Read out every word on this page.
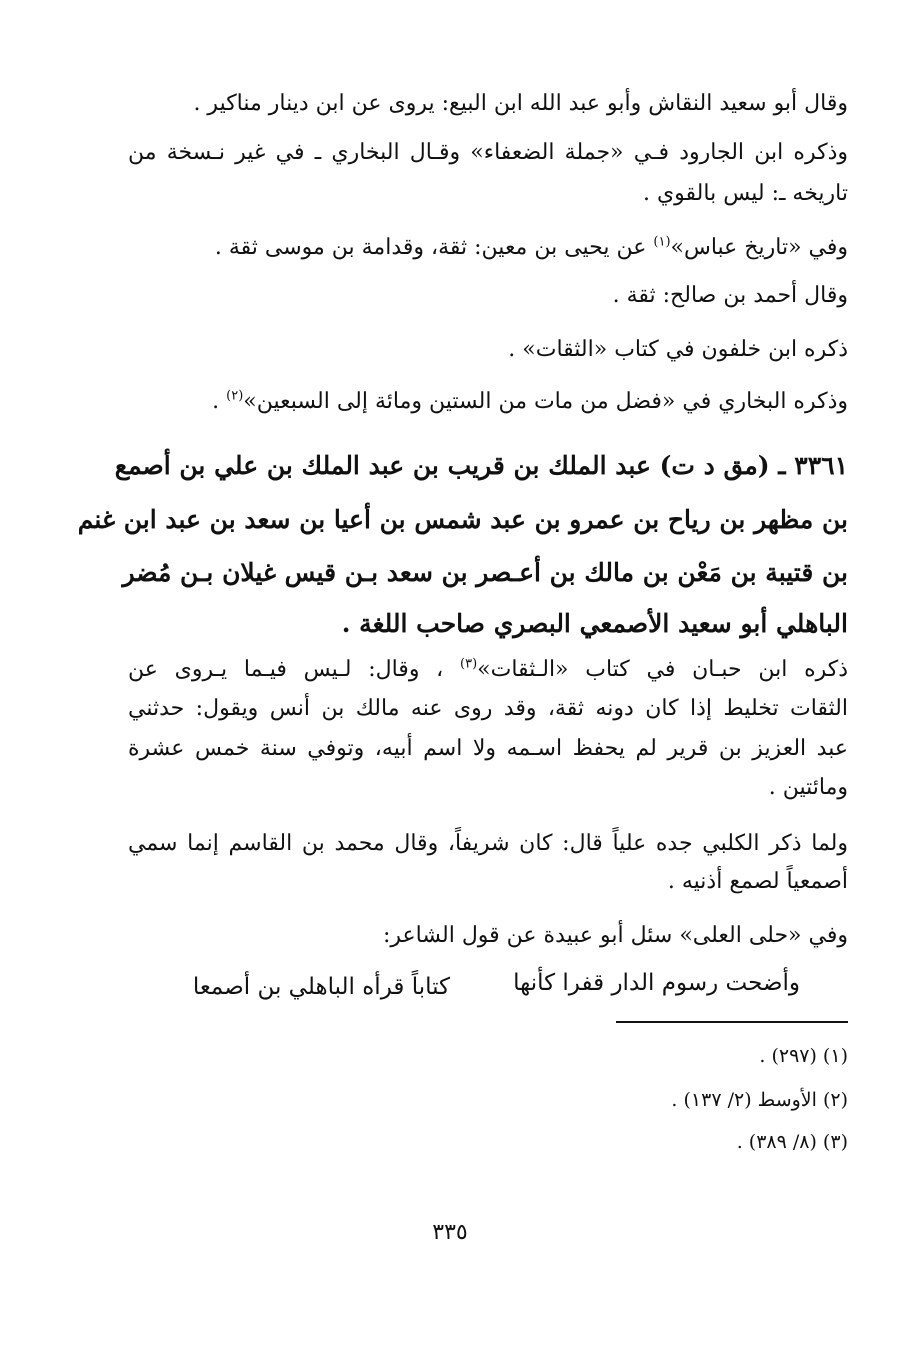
وقال أبو سعيد النقاش وأبو عبد الله ابن البيع: يروى عن ابن دينار مناكير .
وذكره ابن الجارود فـي «جملة الضعفاء» وقـال البخاري ـ في غير نـسخة من
تاريخه ـ: ليس بالقوي .
وفي «تاريخ عباس»$^{(١)}$ عن يحيى بن معين: ثقة، وقدامة بن موسى ثقة .
وقال أحمد بن صالح: ثقة .
ذكره ابن خلفون في كتاب «الثقات» .
وذكره البخاري في «فضل من مات من الستين ومائة إلى السبعين»$^{(٢)}$ .
٣٣٦١ ـ (مق د ت) عبد الملك بن قريب بن عبد الملك بن علي بن أصمع
بن مظهر بن رياح بن عمرو بن عبد شمس بن أعيا بن سعد بن عبد ابن غنم
بن قتيبة بن مَعْن بن مالك بن أعـصر بن سعد بـن قيس غيلان بـن مُضر
الباهلي أبو سعيد الأصمعي البصري صاحب اللغة .
ذكره ابن حبـان في كتاب «الـثقات»$^{(٣)}$ ، وقال: لـيس فيـما يـروى عن
الثقات تخليط إذا كان دونه ثقة، وقد روى عنه مالك بن أنس ويقول: حدثني
عبد العزيز بن قرير لم يحفظ اسـمه ولا اسم أبيه، وتوفي سنة خمس عشرة
ومائتين .
ولما ذكر الكلبي جده علياً قال: كان شريفاً، وقال محمد بن القاسم إنما سمي
أصمعياً لصمع أذنيه .
وفي «حلى العلى» سئل أبو عبيدة عن قول الشاعر:
وأضحت رسوم الدار قفرا كأنها
كتاباً قرأه الباهلي بن أصمعا
(١) (٢٩٧) .
(٢) الأوسط (٢/ ١٣٧) .
(٣) (٨/ ٣٨٩) .
٣٣٥
